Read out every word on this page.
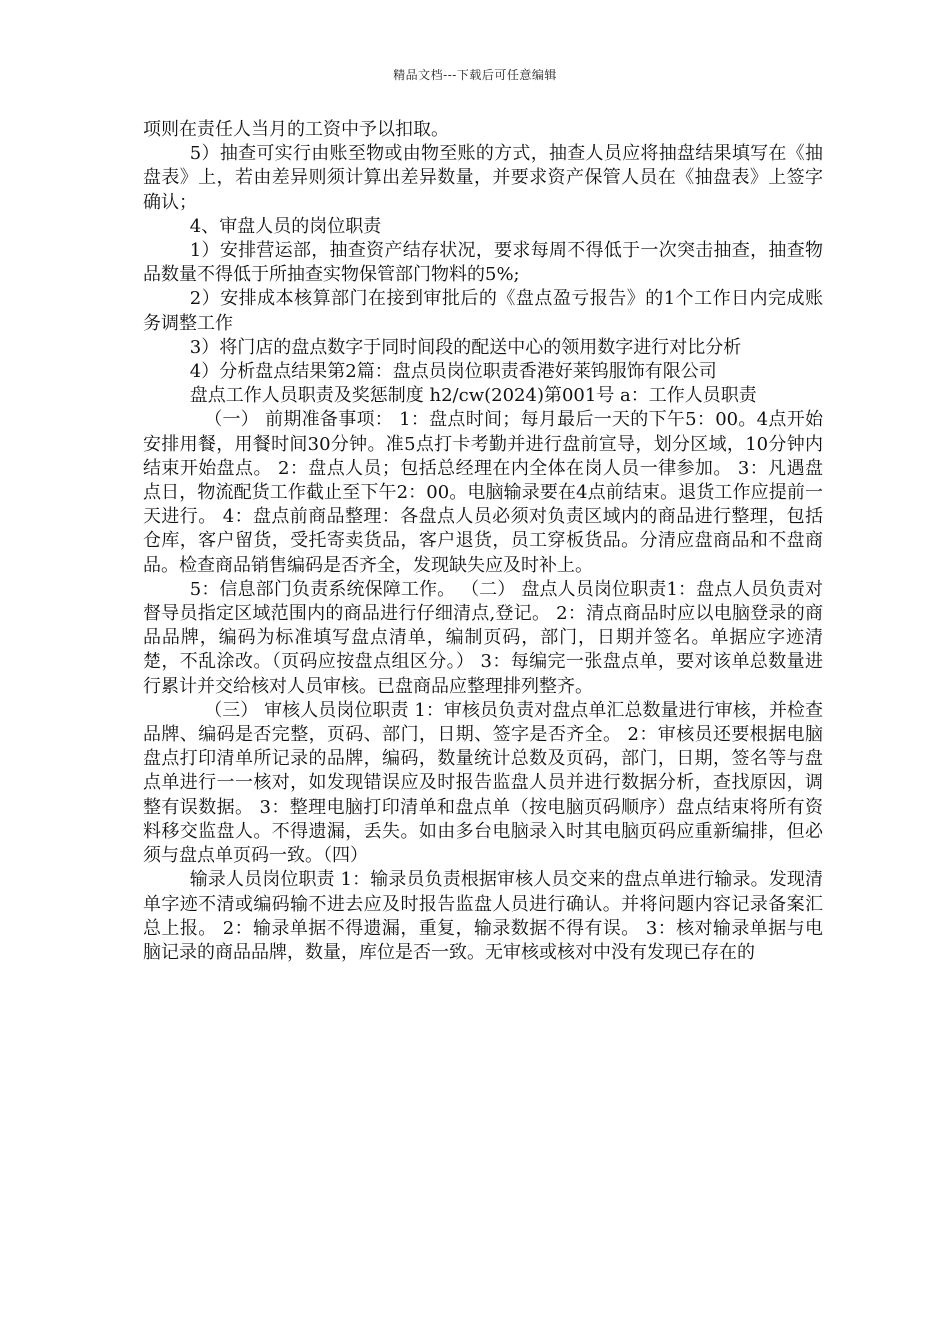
精品文档---下载后可任意编辑

项则在责任人当月的工资中予以扣取。

5）抽查可实行由账至物或由物至账的方式，抽查人员应将抽盘结果填写在《抽盘表》上，若由差异则须计算出差异数量，并要求资产保管人员在《抽盘表》上签字确认；

4、审盘人员的岗位职责

1）安排营运部，抽查资产结存状况，要求每周不得低于一次突击抽查，抽查物品数量不得低于所抽查实物保管部门物料的5%;

2）安排成本核算部门在接到审批后的《盘点盈亏报告》的1个工作日内完成账务调整工作

3）将门店的盘点数字于同时间段的配送中心的领用数字进行对比分析

4）分析盘点结果第2篇：盘点员岗位职责香港好莱钨服饰有限公司

盘点工作人员职责及奖惩制度 h2/cw(2024)第001号 a：工作人员职责

（一） 前期准备事项： 1：盘点时间；每月最后一天的下午5：00。4点开始安排用餐，用餐时间30分钟。准5点打卡考勤并进行盘前宣导，划分区域，10分钟内结束开始盘点。 2：盘点人员；包括总经理在内全体在岗人员一律参加。 3：凡遇盘点日，物流配货工作截止至下午2：00。电脑输录要在4点前结束。退货工作应提前一天进行。 4：盘点前商品整理：各盘点人员必须对负责区域内的商品进行整理，包括仓库，客户留货，受托寄卖货品，客户退货，员工穿板货品。分清应盘商品和不盘商品。检查商品销售编码是否齐全，发现缺失应及时补上。

5：信息部门负责系统保障工作。 （二） 盘点人员岗位职责1：盘点人员负责对督导员指定区域范围内的商品进行仔细清点,登记。 2：清点商品时应以电脑登录的商品品牌，编码为标准填写盘点清单，编制页码，部门，日期并签名。单据应字迹清楚，不乱涂改。（页码应按盘点组区分。） 3：每编完一张盘点单，要对该单总数量进行累计并交给核对人员审核。已盘商品应整理排列整齐。

（三） 审核人员岗位职责 1：审核员负责对盘点单汇总数量进行审核，并检查品牌、编码是否完整，页码、部门，日期、签字是否齐全。 2：审核员还要根据电脑盘点打印清单所记录的品牌，编码，数量统计总数及页码，部门，日期，签名等与盘点单进行一一核对，如发现错误应及时报告监盘人员并进行数据分析，查找原因，调整有误数据。 3：整理电脑打印清单和盘点单（按电脑页码顺序）盘点结束将所有资料移交监盘人。不得遗漏，丢失。如由多台电脑录入时其电脑页码应重新编排，但必须与盘点单页码一致。（四）

输录人员岗位职责 1：输录员负责根据审核人员交来的盘点单进行输录。发现清单字迹不清或编码输不进去应及时报告监盘人员进行确认。并将问题内容记录备案汇总上报。 2：输录单据不得遗漏，重复，输录数据不得有误。 3：核对输录单据与电脑记录的商品品牌，数量，库位是否一致。无审核或核对中没有发现已存在的
